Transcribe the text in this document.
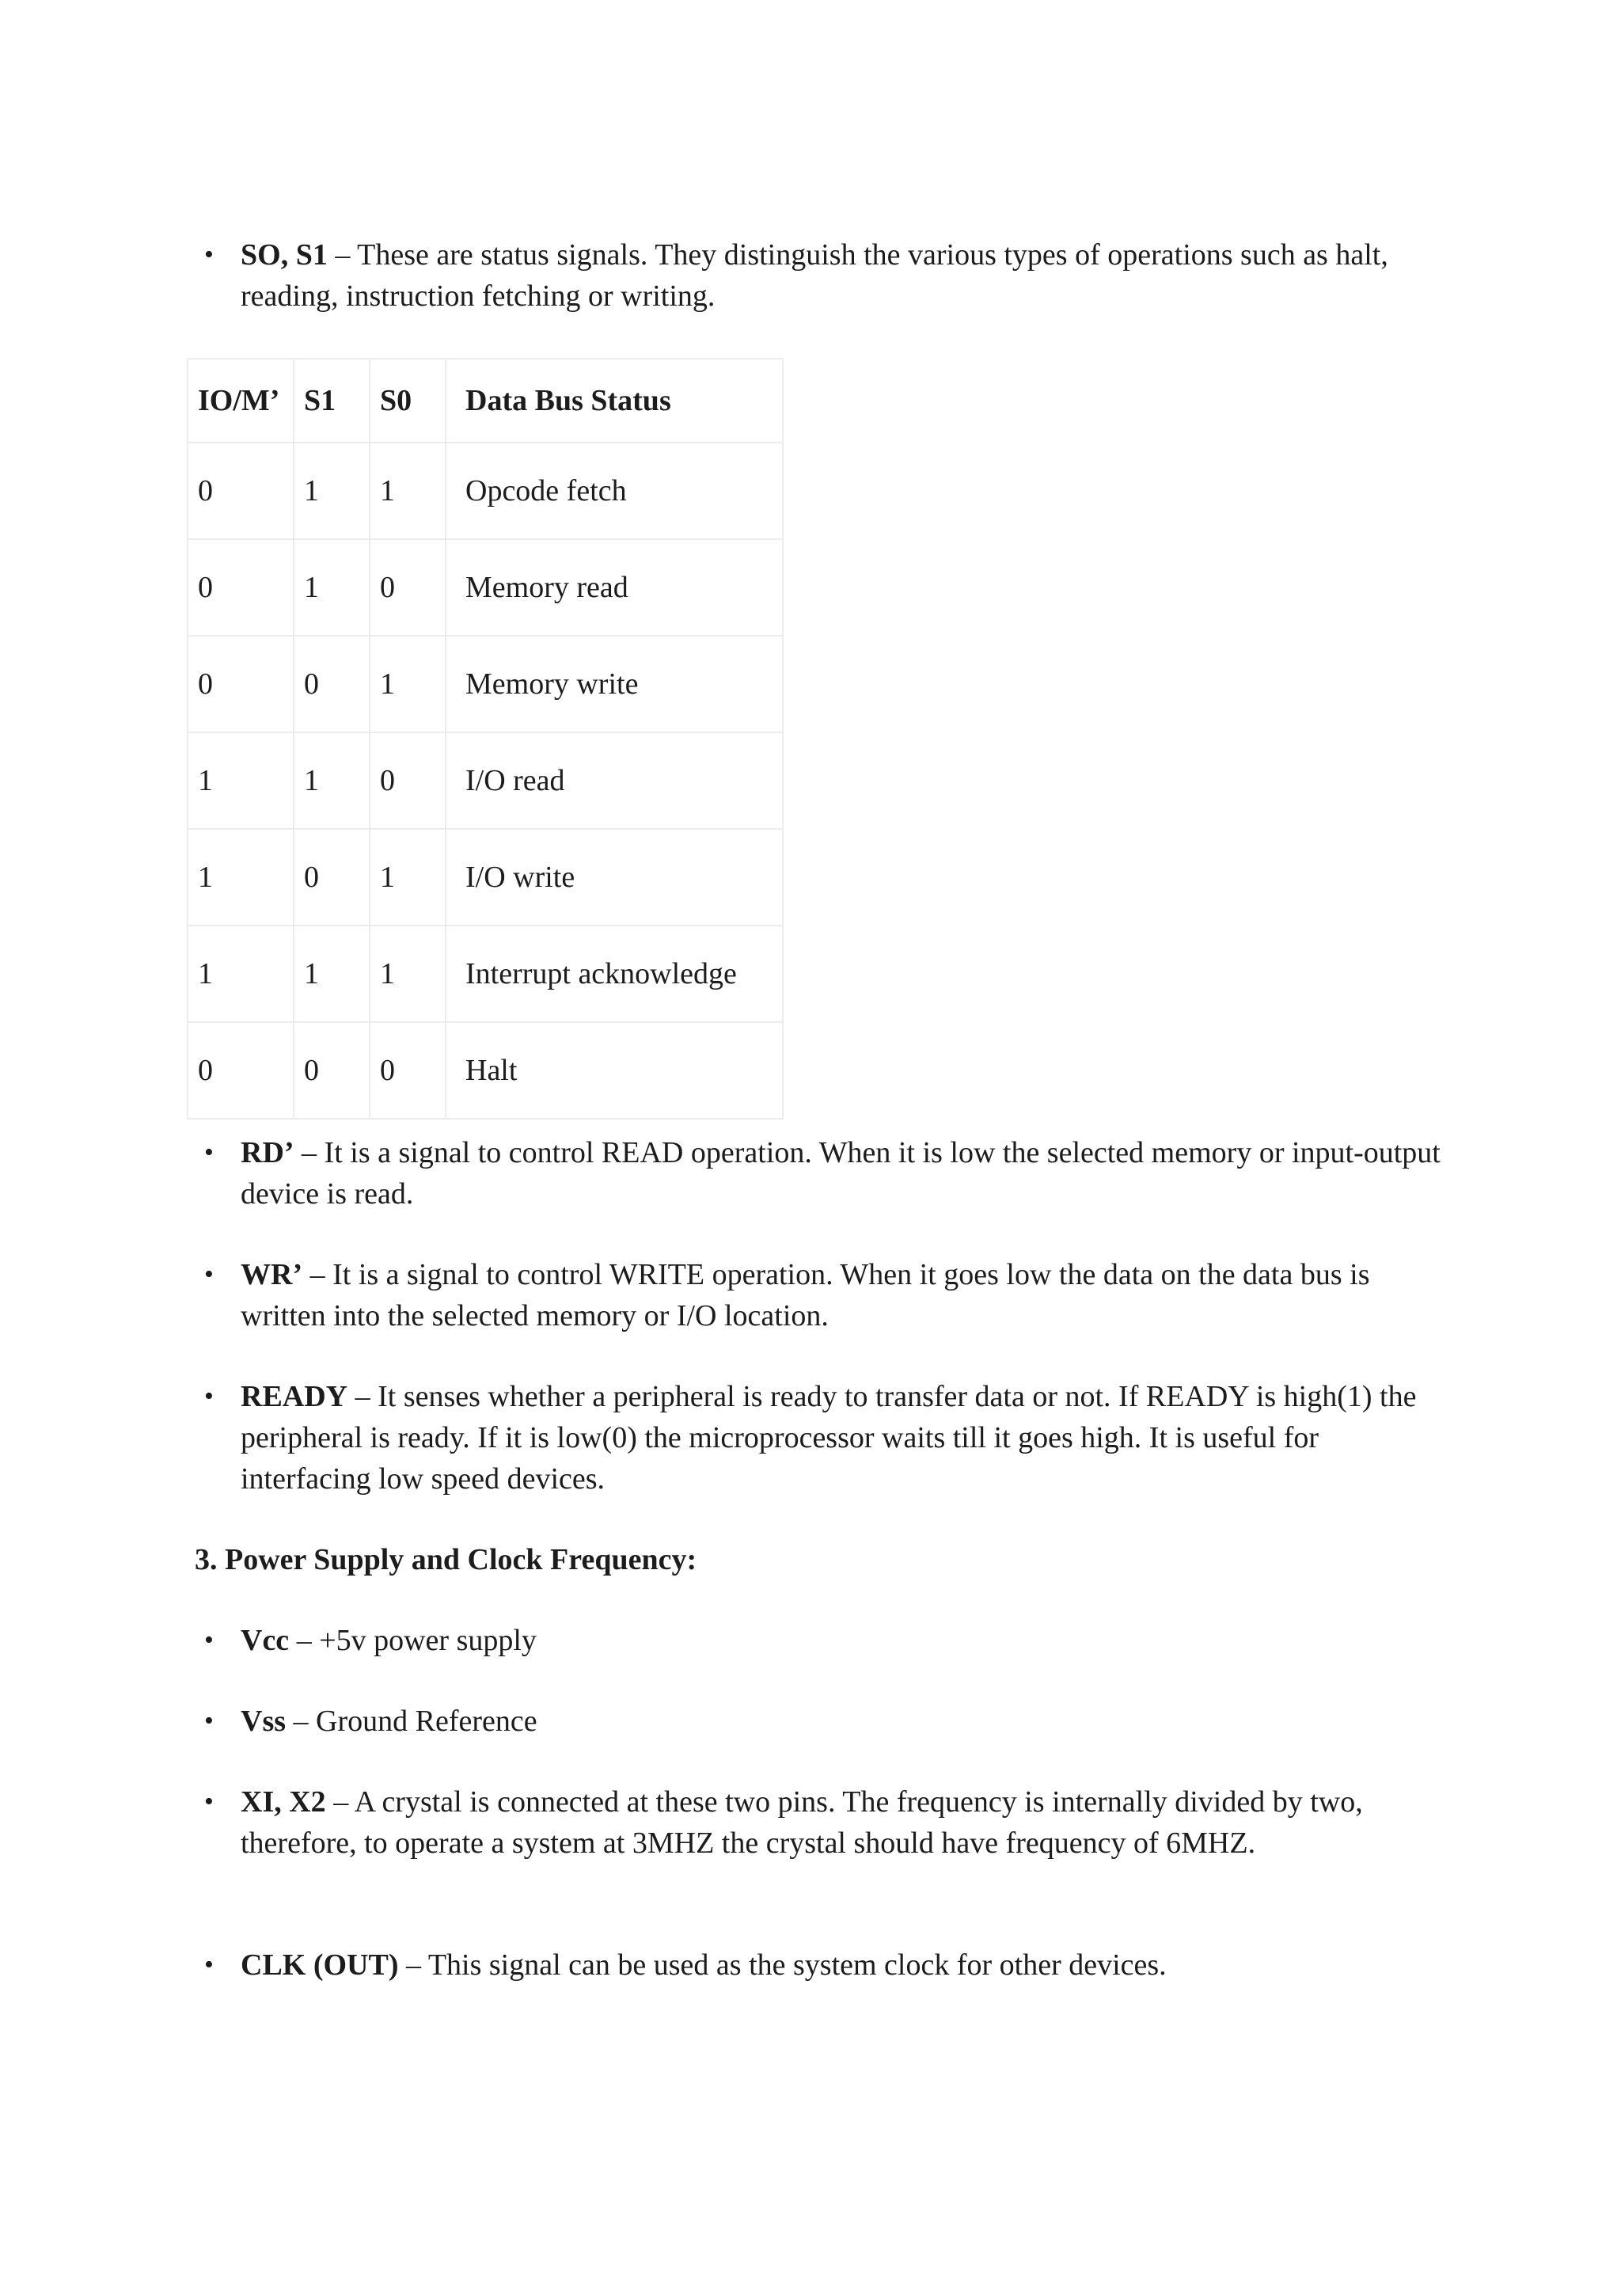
• SO, S1 – These are status signals. They distinguish the various types of operations such as halt, reading, instruction fetching or writing.
IO/M’	S1	S0	Data Bus Status
0	1	1	Opcode fetch
0	1	0	Memory read
0	0	1	Memory write
1	1	0	I/O read
1	0	1	I/O write
1	1	1	Interrupt acknowledge
0	0	0	Halt
• RD’ – It is a signal to control READ operation. When it is low the selected memory or input-output device is read.
• WR’ – It is a signal to control WRITE operation. When it goes low the data on the data bus is written into the selected memory or I/O location.
• READY – It senses whether a peripheral is ready to transfer data or not. If READY is high(1) the peripheral is ready. If it is low(0) the microprocessor waits till it goes high. It is useful for interfacing low speed devices.
3. Power Supply and Clock Frequency:
• Vcc – +5v power supply
• Vss – Ground Reference
• XI, X2 – A crystal is connected at these two pins. The frequency is internally divided by two, therefore, to operate a system at 3MHZ the crystal should have frequency of 6MHZ.
• CLK (OUT) – This signal can be used as the system clock for other devices.
